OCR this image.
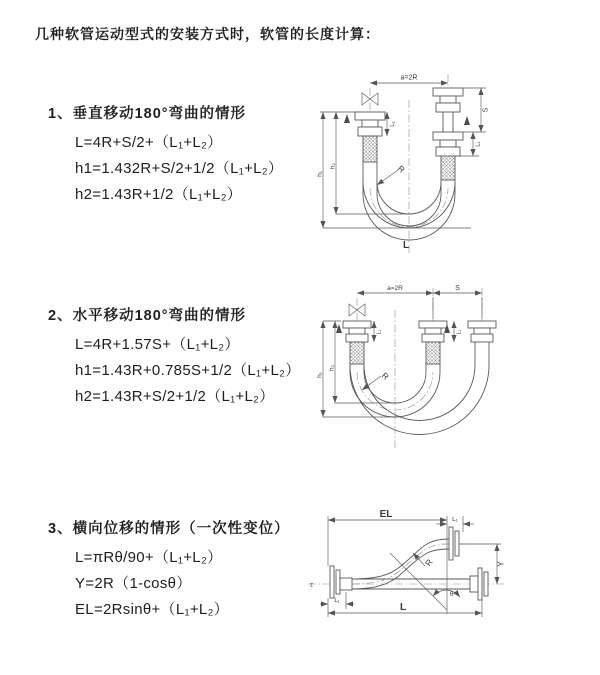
几种软管运动型式的安装方式时，软管的长度计算：
1、垂直移动180°弯曲的情形
L=4R+S/2+（L₁+L₂）
h1=1.432R+S/2+1/2（L₁+L₂）
h2=1.43R+1/2（L₁+L₂）
a=2R
L₁
S
L₁
h₂
h₁	R
L
2、水平移动180°弯曲的情形
L=4R+1.57S+（L₁+L₂）
h1=1.43R+0.785S+1/2（L₁+L₂）
h2=1.43R+S/2+1/2（L₁+L₂）
a=2R	S
L₁	L₁
h₂
h₁	R
3、横向位移的情形（一次性变位）
L=πRθ/90+（L₁+L₂）
Y=2R（1-cosθ）
EL=2Rsinθ+（L₁+L₂）
z
EL	L₁
θ
R	Y
L
L₁
